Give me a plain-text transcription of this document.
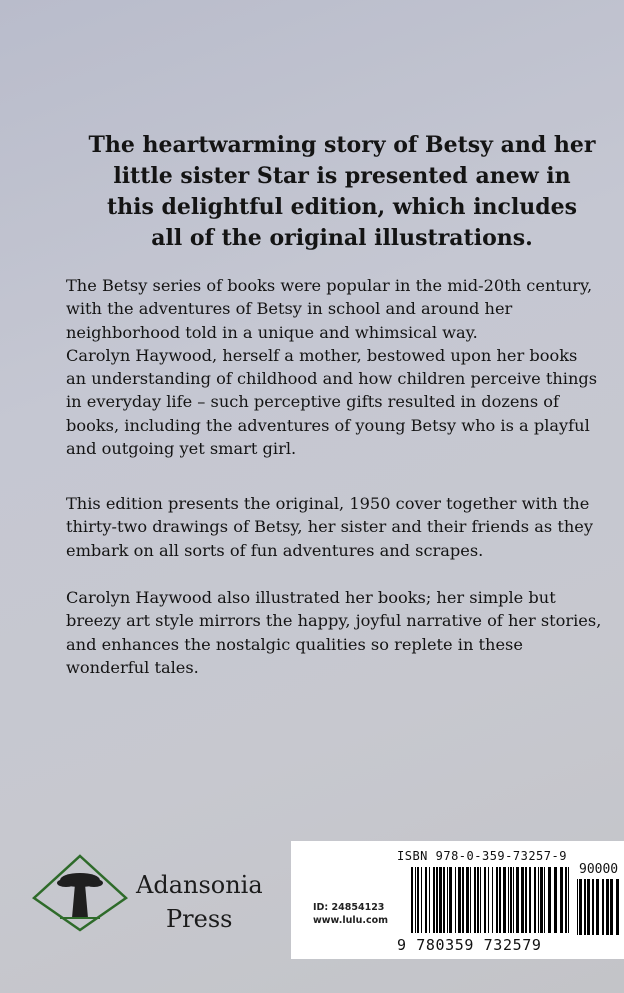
The heartwarming story of Betsy and her
little sister Star is presented anew in
this delightful edition, which includes
all of the original illustrations.
The Betsy series of books were popular in the mid-20th century,
with the adventures of Betsy in school and around her
neighborhood told in a unique and whimsical way.
Carolyn Haywood, herself a mother, bestowed upon her books
an understanding of childhood and how children perceive things
in everyday life – such perceptive gifts resulted in dozens of
books, including the adventures of young Betsy who is a playful
and outgoing yet smart girl.
This edition presents the original, 1950 cover together with the
thirty-two drawings of Betsy, her sister and their friends as they
embark on all sorts of fun adventures and scrapes.
Carolyn Haywood also illustrated her books; her simple but
breezy art style mirrors the happy, joyful narrative of her stories,
and enhances the nostalgic qualities so replete in these
wonderful tales.
Adansonia
Press
ISBN 978-0-359-73257-9
90000
ID: 24854123
www.lulu.com
9 780359 732579
